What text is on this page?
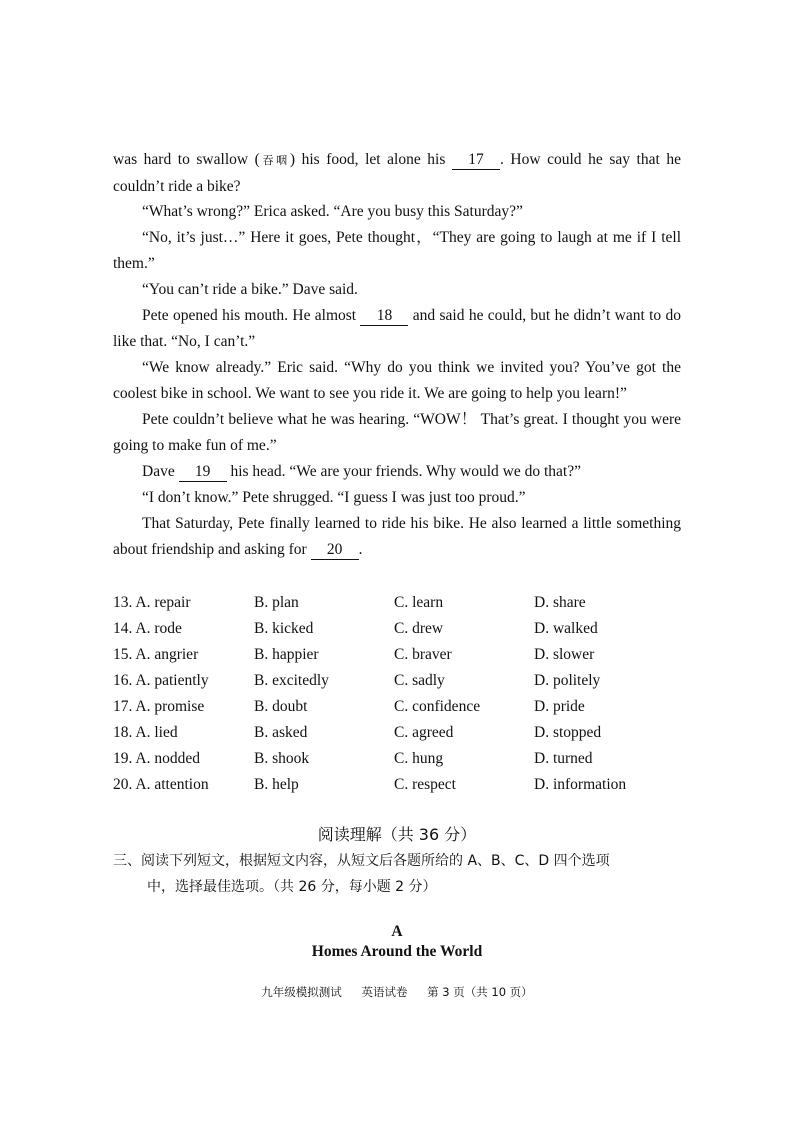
was hard to swallow (吞咽) his food, let alone his 17 . How could he say that he couldn’t ride a bike?
“What’s wrong?” Erica asked. “Are you busy this Saturday?”
“No, it’s just…” Here it goes, Pete thought，“They are going to laugh at me if I tell them.”
“You can’t ride a bike.” Dave said.
Pete opened his mouth. He almost 18 and said he could, but he didn’t want to do like that. “No, I can’t.”
“We know already.” Eric said. “Why do you think we invited you? You’ve got the coolest bike in school. We want to see you ride it. We are going to help you learn!”
Pete couldn’t believe what he was hearing. “WOW！ That’s great. I thought you were going to make fun of me.”
Dave 19 his head. “We are your friends. Why would we do that?”
“I don’t know.” Pete shrugged. “I guess I was just too proud.”
That Saturday, Pete finally learned to ride his bike. He also learned a little something about friendship and asking for 20 .
13. A. repair	B. plan	C. learn	D. share
14. A. rode	B. kicked	C. drew	D. walked
15. A. angrier	B. happier	C. braver	D. slower
16. A. patiently	B. excitedly	C. sadly	D. politely
17. A. promise	B. doubt	C. confidence	D. pride
18. A. lied	B. asked	C. agreed	D. stopped
19. A. nodded	B. shook	C. hung	D. turned
20. A. attention	B. help	C. respect	D. information
阅读理解（共 36 分）
三、阅读下列短文，根据短文内容，从短文后各题所给的 A、B、C、D 四个选项
中，选择最佳选项。（共 26 分，每小题 2 分）
A
Homes Around the World
九年级模拟测试 英语试卷 第 3 页（共 10 页）
